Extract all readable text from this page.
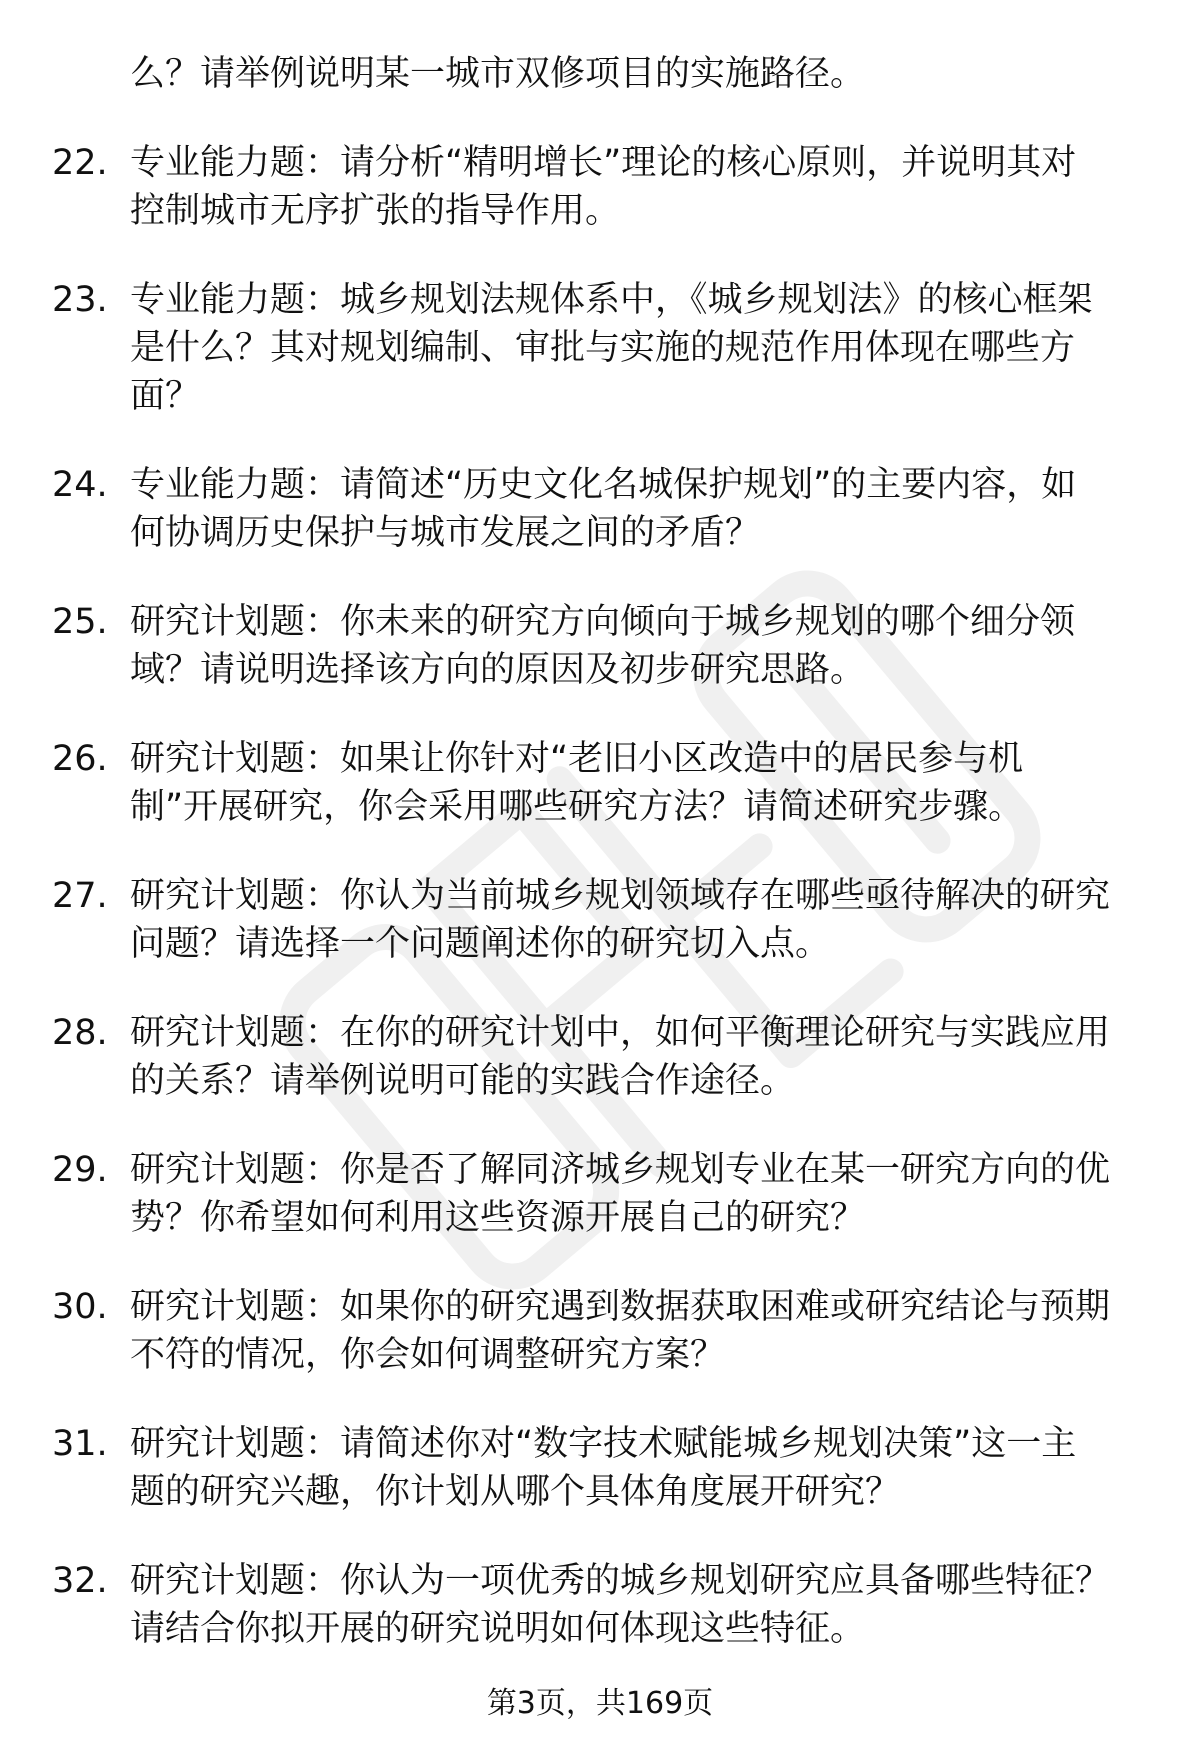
么？请举例说明某一城市双修项目的实施路径。
22. 专业能力题：请分析“精明增长”理论的核心原则，并说明其对
控制城市无序扩张的指导作用。
23. 专业能力题：城乡规划法规体系中，《城乡规划法》的核心框架
是什么？其对规划编制、审批与实施的规范作用体现在哪些方
面？
24. 专业能力题：请简述“历史文化名城保护规划”的主要内容，如
何协调历史保护与城市发展之间的矛盾？
25. 研究计划题：你未来的研究方向倾向于城乡规划的哪个细分领
域？请说明选择该方向的原因及初步研究思路。
26. 研究计划题：如果让你针对“老旧小区改造中的居民参与机
制”开展研究，你会采用哪些研究方法？请简述研究步骤。
27. 研究计划题：你认为当前城乡规划领域存在哪些亟待解决的研究
问题？请选择一个问题阐述你的研究切入点。
28. 研究计划题：在你的研究计划中，如何平衡理论研究与实践应用
的关系？请举例说明可能的实践合作途径。
29. 研究计划题：你是否了解同济城乡规划专业在某一研究方向的优
势？你希望如何利用这些资源开展自己的研究？
30. 研究计划题：如果你的研究遇到数据获取困难或研究结论与预期
不符的情况，你会如何调整研究方案？
31. 研究计划题：请简述你对“数字技术赋能城乡规划决策”这一主
题的研究兴趣，你计划从哪个具体角度展开研究？
32. 研究计划题：你认为一项优秀的城乡规划研究应具备哪些特征？
请结合你拟开展的研究说明如何体现这些特征。
第3页，共169页
